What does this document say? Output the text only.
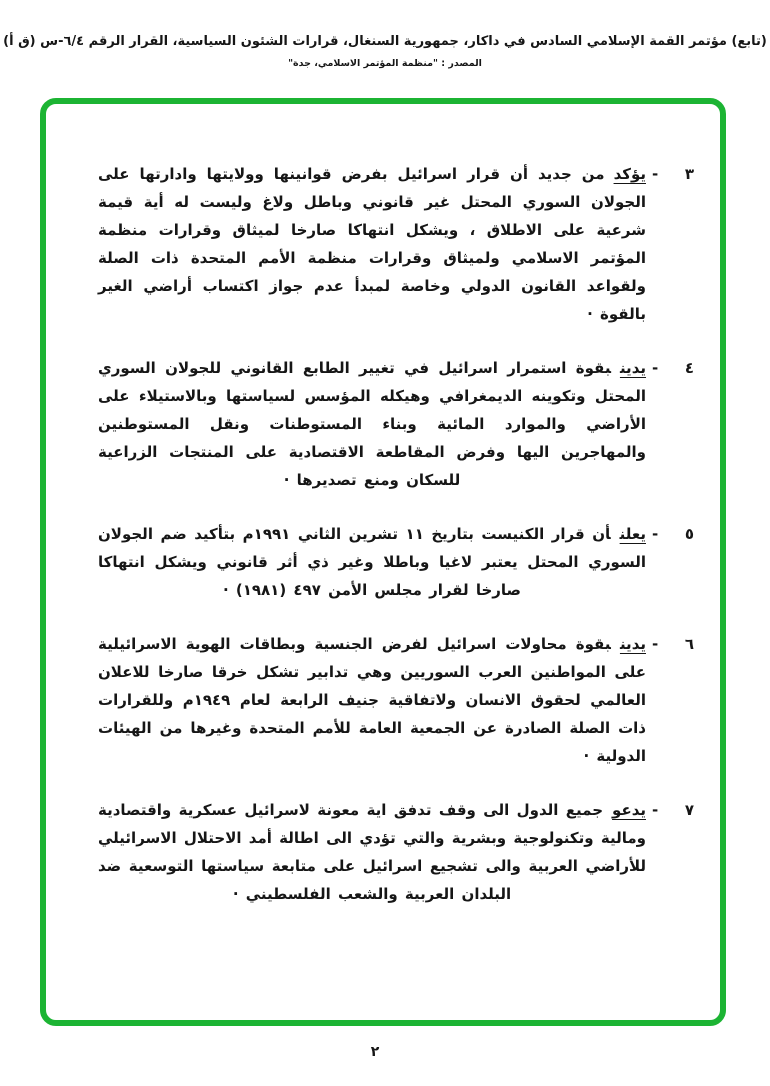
(تابع) مؤتمر القمة الإسلامي السادس في داكار، جمهورية السنغال، قرارات الشئون السياسية، القرار الرقم ٦/٤-س (ق أ)
المصدر : "منظمة المؤتمر الاسلامي، جدة"
٣
-

يؤكدمن جديد أن قرار اسرائيل بفرض قوانينها وولايتها وادارتها على الجولان السوري المحتل غير قانوني وباطل ولاغ وليست له أية قيمة شرعية على الاطلاق ، ويشكل انتهاكا صارخا لميثاق وقرارات منظمة المؤتمر الاسلامي ولميثاق وقرارات منظمة الأمم المتحدة ذات الصلة ولقواعد القانون الدولي وخاصة لمبدأ عدم جواز اكتساب أراضي الغير بالقوة ·

٤
-

يدينبقوة استمرار اسرائيل في تغيير الطابع القانوني للجولان السوري المحتل وتكوينه الديمغرافي وهيكله المؤسس لسياستها وبالاستيلاء على الأراضي والموارد المائية وبناء المستوطنات ونقل المستوطنين والمهاجرين اليها وفرض المقاطعة الاقتصادية على المنتجات الزراعية للسكان ومنع تصديرها ·

٥
-

يعلنأن قرار الكنيست بتاريخ ١١ تشرين الثاني ١٩٩١م بتأكيد ضم الجولان السوري المحتل يعتبر لاغيا وباطلا وغير ذي أثر قانوني ويشكل انتهاكا صارخا لقرار مجلس الأمن ٤٩٧ (١٩٨١) ·

٦
-

يدينبقوة محاولات اسرائيل لفرض الجنسية وبطاقات الهوية الاسرائيلية على المواطنين العرب السوريين وهي تدابير تشكل خرقا صارخا للاعلان العالمي لحقوق الانسان ولاتفاقية جنيف الرابعة لعام ١٩٤٩م وللقرارات ذات الصلة الصادرة عن الجمعية العامة للأمم المتحدة وغيرها من الهيئات الدولية ·

٧
-

يدعوجميع الدول الى وقف تدفق اية معونة لاسرائيل عسكرية واقتصادية ومالية وتكنولوجية وبشرية والتي تؤدي الى اطالة أمد الاحتلال الاسرائيلي للأراضي العربية والى تشجيع اسرائيل على متابعة سياستها التوسعية ضد البلدان العربية والشعب الفلسطيني ·

٢
